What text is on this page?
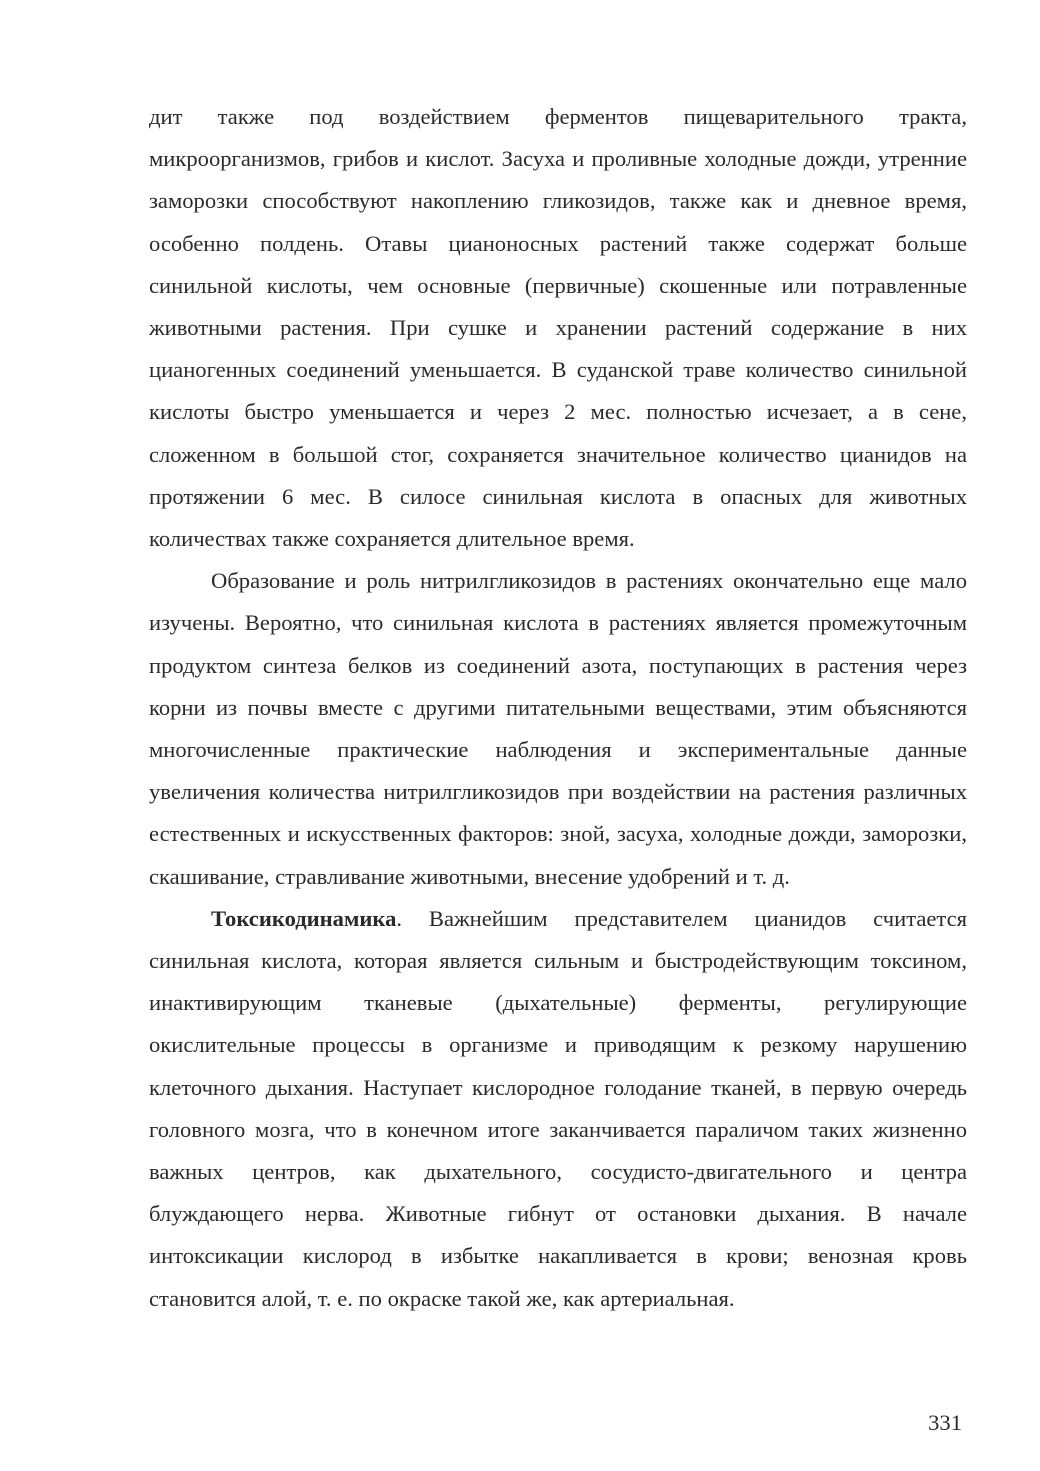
дит также под воздействием ферментов пищеварительного тракта, микроорганизмов, грибов и кислот. Засуха и проливные холодные дожди, утренние заморозки способствуют накоплению гликозидов, также как и дневное время, особенно полдень. Отавы цианоносных растений также содержат больше синильной кислоты, чем основные (первичные) скошенные или потравленные животными растения. При сушке и хранении растений содержание в них цианогенных соединений уменьшается. В суданской траве количество синильной кислоты быстро уменьшается и через 2 мес. полностью исчезает, а в сене, сложенном в большой стог, сохраняется значительное количество цианидов на протяжении 6 мес. В силосе синильная кислота в опасных для животных количествах также сохраняется длительное время.

Образование и роль нитрилгликозидов в растениях окончательно еще мало изучены. Вероятно, что синильная кислота в растениях является промежуточным продуктом синтеза белков из соединений азота, поступающих в растения через корни из почвы вместе с другими питательными веществами, этим объясняются многочисленные практические наблюдения и экспериментальные данные увеличения количества нитрилгликозидов при воздействии на растения различных естественных и искусственных факторов: зной, засуха, холодные дожди, заморозки, скашивание, стравливание животными, внесение удобрений и т. д.

Токсикодинамика. Важнейшим представителем цианидов считается синильная кислота, которая является сильным и быстродействующим токсином, инактивирующим тканевые (дыхательные) ферменты, регулирующие окислительные процессы в организме и приводящим к резкому нарушению клеточного дыхания. Наступает кислородное голодание тканей, в первую очередь головного мозга, что в конечном итоге заканчивается параличом таких жизненно важных центров, как дыхательного, сосудисто-двигательного и центра блуждающего нерва. Животные гибнут от остановки дыхания. В начале интоксикации кислород в избытке накапливается в крови; венозная кровь становится алой, т. е. по окраске такой же, как артериальная.

331
